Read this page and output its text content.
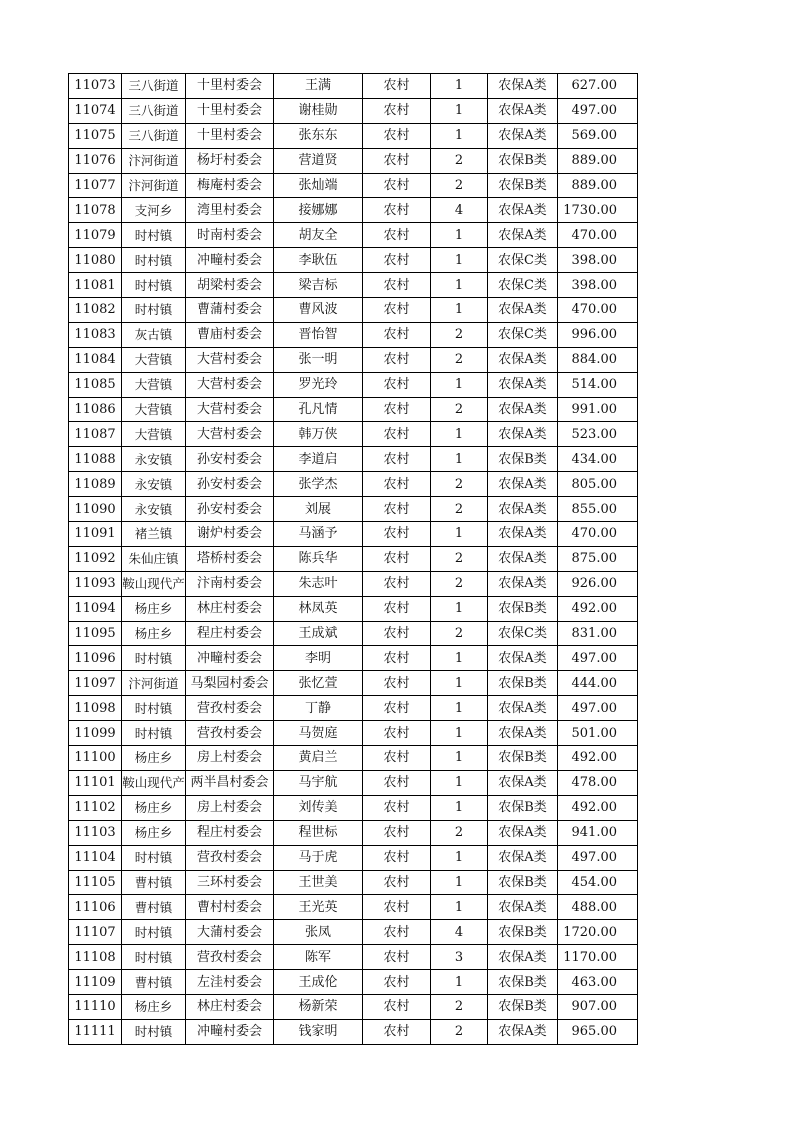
11073	三八街道	十里村委会	王满	农村	1	农保A类	627.00
11074	三八街道	十里村委会	谢桂勋	农村	1	农保A类	497.00
11075	三八街道	十里村委会	张东东	农村	1	农保A类	569.00
11076	汴河街道	杨圩村委会	营道贤	农村	2	农保B类	889.00
11077	汴河街道	梅庵村委会	张灿端	农村	2	农保B类	889.00
11078	支河乡	湾里村委会	接娜娜	农村	4	农保A类	1730.00
11079	时村镇	时南村委会	胡友全	农村	1	农保A类	470.00
11080	时村镇	冲疃村委会	李耿伍	农村	1	农保C类	398.00
11081	时村镇	胡梁村委会	梁吉标	农村	1	农保C类	398.00
11082	时村镇	曹蒲村委会	曹风波	农村	1	农保A类	470.00
11083	灰古镇	曹庙村委会	晋怡智	农村	2	农保C类	996.00
11084	大营镇	大营村委会	张一明	农村	2	农保A类	884.00
11085	大营镇	大营村委会	罗光玲	农村	1	农保A类	514.00
11086	大营镇	大营村委会	孔凡情	农村	2	农保A类	991.00
11087	大营镇	大营村委会	韩万侠	农村	1	农保A类	523.00
11088	永安镇	孙安村委会	李道启	农村	1	农保B类	434.00
11089	永安镇	孙安村委会	张学杰	农村	2	农保A类	805.00
11090	永安镇	孙安村委会	刘展	农村	2	农保A类	855.00
11091	褚兰镇	谢炉村委会	马涵予	农村	1	农保A类	470.00
11092	朱仙庄镇	塔桥村委会	陈兵华	农村	2	农保A类	875.00
11093	鞍山现代产	汴南村委会	朱志叶	农村	2	农保A类	926.00
11094	杨庄乡	林庄村委会	林凤英	农村	1	农保B类	492.00
11095	杨庄乡	程庄村委会	王成斌	农村	2	农保C类	831.00
11096	时村镇	冲疃村委会	李明	农村	1	农保A类	497.00
11097	汴河街道	马梨园村委会	张忆萱	农村	1	农保B类	444.00
11098	时村镇	营孜村委会	丁静	农村	1	农保A类	497.00
11099	时村镇	营孜村委会	马贺庭	农村	1	农保A类	501.00
11100	杨庄乡	房上村委会	黄启兰	农村	1	农保B类	492.00
11101	鞍山现代产	两半昌村委会	马宇航	农村	1	农保A类	478.00
11102	杨庄乡	房上村委会	刘传美	农村	1	农保B类	492.00
11103	杨庄乡	程庄村委会	程世标	农村	2	农保A类	941.00
11104	时村镇	营孜村委会	马于虎	农村	1	农保A类	497.00
11105	曹村镇	三环村委会	王世美	农村	1	农保B类	454.00
11106	曹村镇	曹村村委会	王光英	农村	1	农保A类	488.00
11107	时村镇	大蒲村委会	张凤	农村	4	农保B类	1720.00
11108	时村镇	营孜村委会	陈军	农村	3	农保A类	1170.00
11109	曹村镇	左洼村委会	王成伦	农村	1	农保B类	463.00
11110	杨庄乡	林庄村委会	杨新荣	农村	2	农保B类	907.00
11111	时村镇	冲疃村委会	钱家明	农村	2	农保A类	965.00
